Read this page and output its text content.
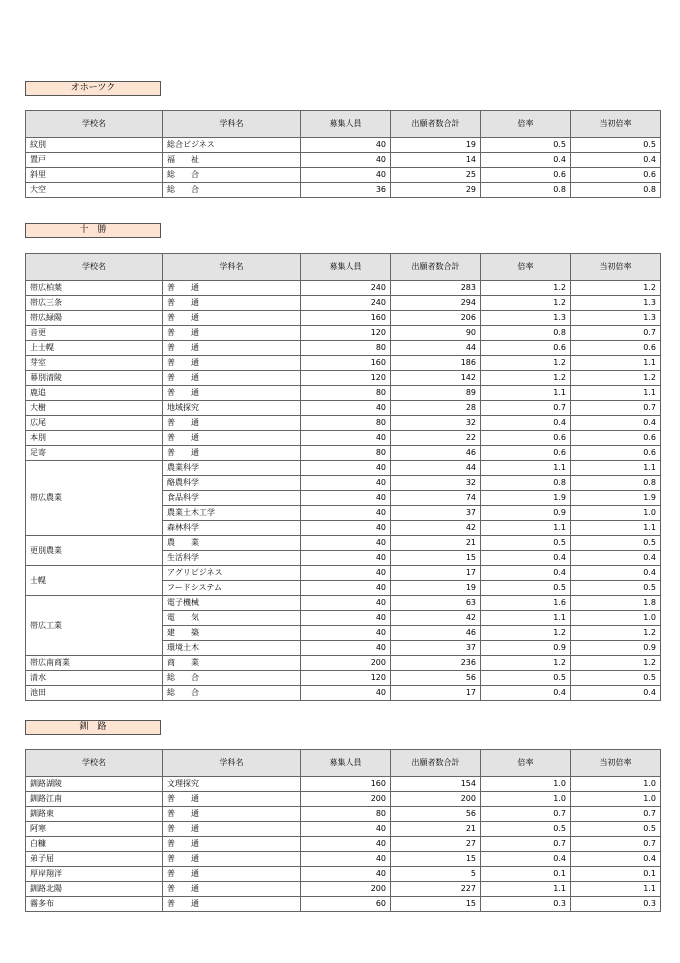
オホーツク
学校名	学科名	募集人員	出願者数合計	倍率	当初倍率
紋別	総合ビジネス	40	19	0.5	0.5
置戸	福　　祉	40	14	0.4	0.4
斜里	総　　合	40	25	0.6	0.6
大空	総　　合	36	29	0.8	0.8
十　勝
学校名	学科名	募集人員	出願者数合計	倍率	当初倍率
帯広柏葉	普　　通	240	283	1.2	1.2
帯広三条	普　　通	240	294	1.2	1.3
帯広緑陽	普　　通	160	206	1.3	1.3
音更	普　　通	120	90	0.8	0.7
上士幌	普　　通	80	44	0.6	0.6
芽室	普　　通	160	186	1.2	1.1
幕別清陵	普　　通	120	142	1.2	1.2
鹿追	普　　通	80	89	1.1	1.1
大樹	地域探究	40	28	0.7	0.7
広尾	普　　通	80	32	0.4	0.4
本別	普　　通	40	22	0.6	0.6
足寄	普　　通	80	46	0.6	0.6
帯広農業	農業科学	40	44	1.1	1.1
	酪農科学	40	32	0.8	0.8
	食品科学	40	74	1.9	1.9
	農業土木工学	40	37	0.9	1.0
	森林科学	40	42	1.1	1.1
更別農業	農　　業	40	21	0.5	0.5
	生活科学	40	15	0.4	0.4
士幌	アグリビジネス	40	17	0.4	0.4
	フードシステム	40	19	0.5	0.5
帯広工業	電子機械	40	63	1.6	1.8
	電　　気	40	42	1.1	1.0
	建　　築	40	46	1.2	1.2
	環境土木	40	37	0.9	0.9
帯広南商業	商　　業	200	236	1.2	1.2
清水	総　　合	120	56	0.5	0.5
池田	総　　合	40	17	0.4	0.4
釧　路
学校名	学科名	募集人員	出願者数合計	倍率	当初倍率
釧路湖陵	文理探究	160	154	1.0	1.0
釧路江南	普　　通	200	200	1.0	1.0
釧路東	普　　通	80	56	0.7	0.7
阿寒	普　　通	40	21	0.5	0.5
白糠	普　　通	40	27	0.7	0.7
弟子屈	普　　通	40	15	0.4	0.4
厚岸翔洋	普　　通	40	5	0.1	0.1
釧路北陽	普　　通	200	227	1.1	1.1
霧多布	普　　通	60	15	0.3	0.3
